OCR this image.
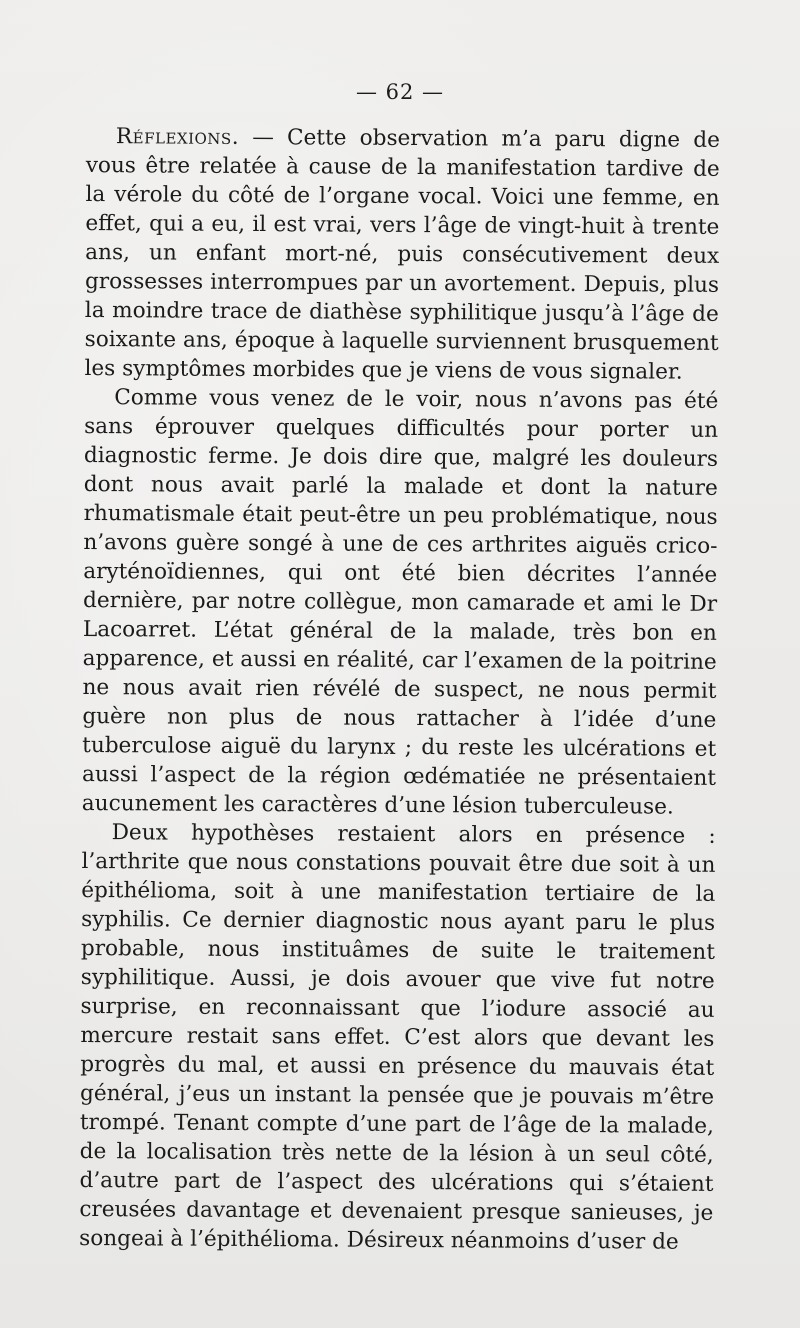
— 62 —

Réflexions. — Cette observation m’a paru digne de vous être relatée à cause de la manifestation tardive de la vérole du côté de l’organe vocal. Voici une femme, en effet, qui a eu, il est vrai, vers l’âge de vingt-huit à trente ans, un enfant mort-né, puis consécutivement deux grossesses interrompues par un avortement. Depuis, plus la moindre trace de diathèse syphilitique jusqu’à l’âge de soixante ans, époque à laquelle surviennent brusquement les symptômes morbides que je viens de vous signaler.

Comme vous venez de le voir, nous n’avons pas été sans éprouver quelques difficultés pour porter un diagnostic ferme. Je dois dire que, malgré les douleurs dont nous avait parlé la malade et dont la nature rhumatismale était peut-être un peu problématique, nous n’avons guère songé à une de ces arthrites aiguës crico-aryténoïdiennes, qui ont été bien décrites l’année dernière, par notre collègue, mon camarade et ami le Dr Lacoarret. L’état général de la malade, très bon en apparence, et aussi en réalité, car l’examen de la poitrine ne nous avait rien révélé de suspect, ne nous permit guère non plus de nous rattacher à l’idée d’une tuberculose aiguë du larynx ; du reste les ulcérations et aussi l’aspect de la région œdématiée ne présentaient aucunement les caractères d’une lésion tuberculeuse.

Deux hypothèses restaient alors en présence : l’arthrite que nous constations pouvait être due soit à un épithélioma, soit à une manifestation tertiaire de la syphilis. Ce dernier diagnostic nous ayant paru le plus probable, nous instituâmes de suite le traitement syphilitique. Aussi, je dois avouer que vive fut notre surprise, en reconnaissant que l’iodure associé au mercure restait sans effet. C’est alors que devant les progrès du mal, et aussi en présence du mauvais état général, j’eus un instant la pensée que je pouvais m’être trompé. Tenant compte d’une part de l’âge de la malade, de la localisation très nette de la lésion à un seul côté, d’autre part de l’aspect des ulcérations qui s’étaient creusées davantage et devenaient presque sanieuses, je songeai à l’épithélioma. Désireux néanmoins d’user de
